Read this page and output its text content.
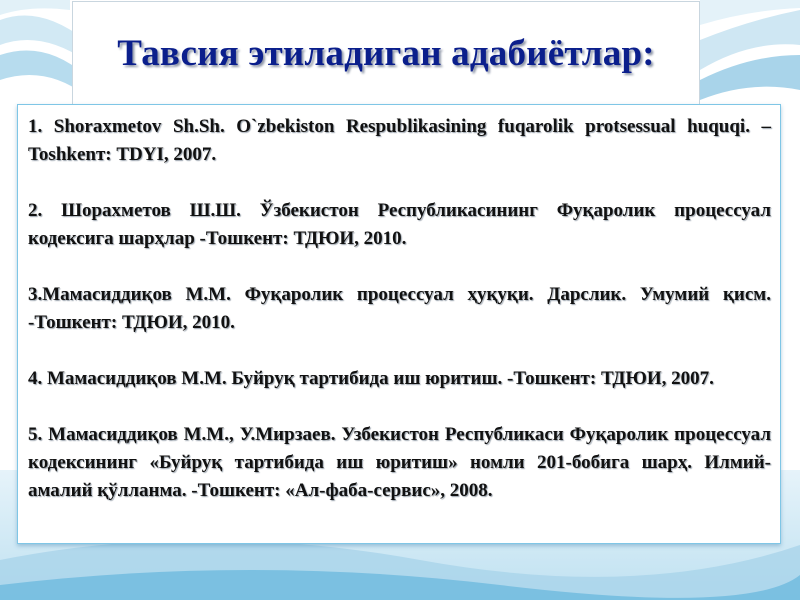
Тавсия этиладиган адабиётлар:

1. Shoraxmetov Sh.Sh. O`zbekiston Respublikasining fuqarolik protsessual huquqi. –Toshkenт: TDYI, 2007.

2. Шорахметов Ш.Ш. Ўзбекистон Республикасининг Фуқаролик процессуал кодексига шарҳлар -Тошкент: ТДЮИ, 2010.

3.Мамасиддиқов М.М. Фуқаролик процессуал ҳуқуқи. Дарслик. Умумий қисм. -Тошкент: ТДЮИ, 2010.

4. Мамасиддиқов М.М. Буйруқ тартибида иш юритиш. -Тошкент: ТДЮИ, 2007.

5. Мамасиддиқов М.М., У.Мирзаев. Узбекистон Республикаси Фуқаролик процессуал кодексининг «Буйруқ тартибида иш юритиш» номли 201-бобига шарҳ. Илмий-амалий қўлланма. -Тошкент: «Ал-фаба-сервис», 2008.
